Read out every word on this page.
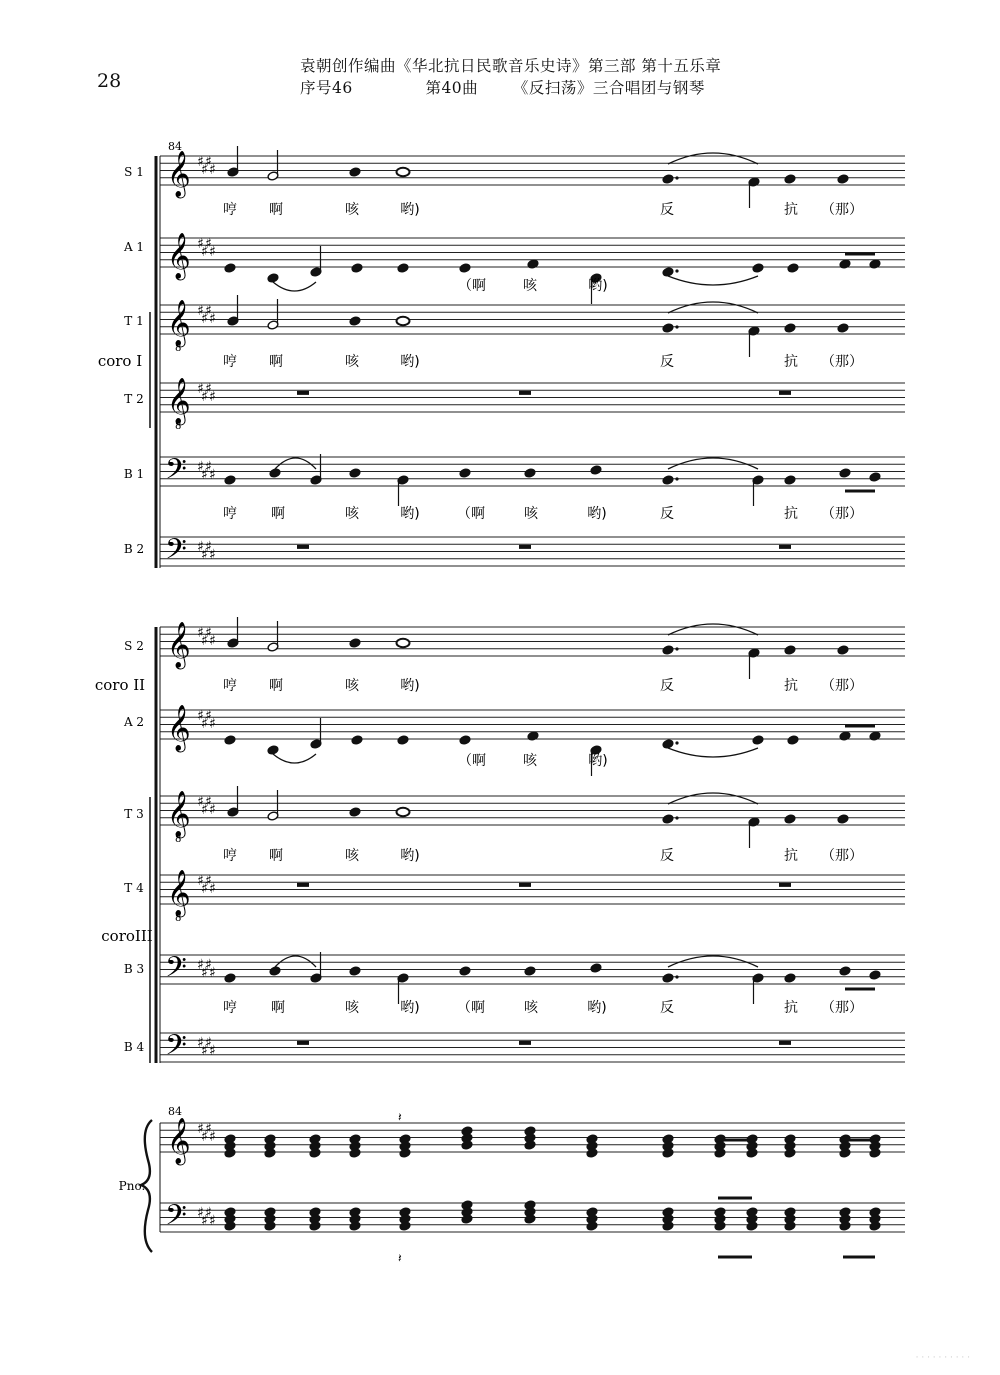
28
袁朝创作编曲《华北抗日民歌音乐史诗》第三部 第十五乐章
序号46	第40曲 《反扫荡》三合唱团与钢琴
S 1 𝄞 ♯
♯
♯
♯
A 1 𝄞 ♯
♯
♯
♯
T 1 𝄞
8
♯
♯
♯
♯
T 2 𝄞
8
♯
♯
♯
♯
B 1 𝄢 ♯
♯
♯
♯
B 2 𝄢 ♯
♯
♯
♯
S 2 𝄞 ♯
♯
♯
♯
A 2 𝄞 ♯
♯
♯
♯
T 3 𝄞
8
♯
♯
♯
♯
T 4 𝄞
8
♯
♯
♯
♯
B 3 𝄢 ♯
♯
♯
♯
B 4 𝄢 ♯
♯
♯
♯
哼 啊	咳	哟)	反	抗 （那）
（啊	咳	哟)
哼 啊	咳	哟)	反	抗 （那）
哼 啊	咳	哟)	（啊	咳	哟)	反	抗 （那）
哼 啊	咳	哟)	反	抗 （那）
（啊	咳	哟)
哼 啊	咳	哟)	反	抗 （那）
哼 啊	咳	哟)	（啊	咳	哟)	反	抗 （那）
coro I
coro II
coroIII
84
84
𝄞 ♯
♯
♯
♯
𝄢 ♯
♯
♯
♯
Pno.
𝄽
𝄽
· · · · · · · · · ·
